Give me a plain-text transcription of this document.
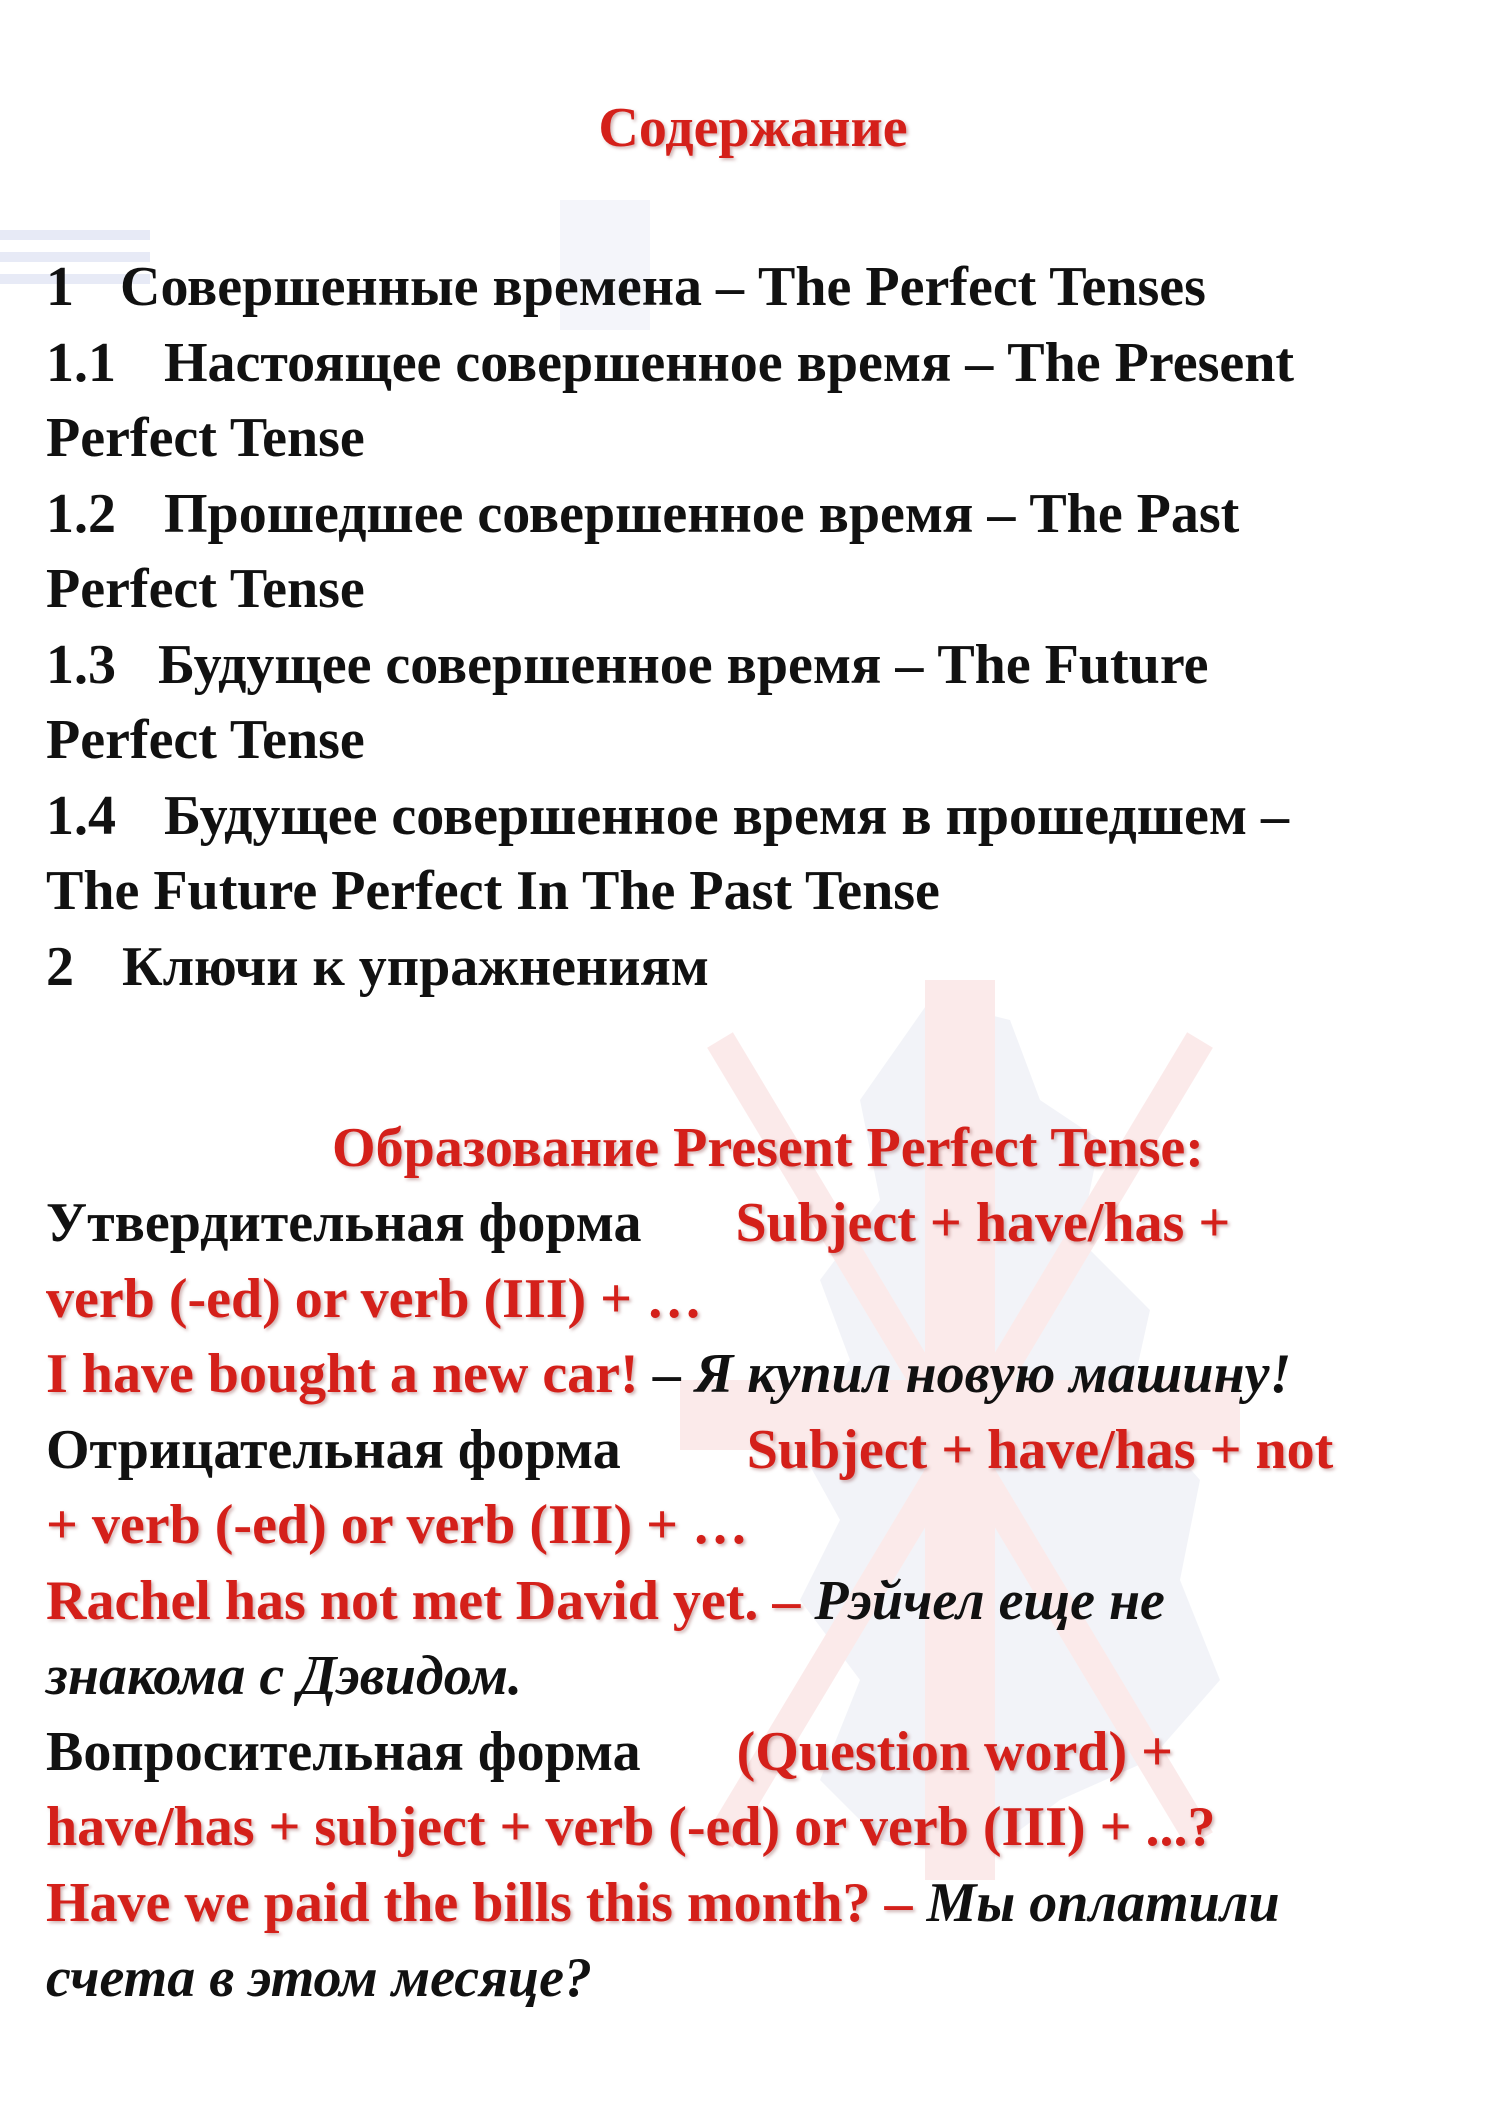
Содержание
1 Совершенные времена – The Perfect Tenses
1.1 Настоящее совершенное время – The Present
Perfect Tense
1.2 Прошедшее совершенное время – The Past
Perfect Tense
1.3 Будущее совершенное время – The Future
Perfect Tense
1.4 Будущее совершенное время в прошедшем –
The Future Perfect In The Past Tense
2 Ключи к упражнениям
Образование Present Perfect Tense:
Утвердительная форма Subject + have/has +
verb (-ed) or verb (III) + …
I have bought a new car! – Я купил новую машину!
Отрицательная форма Subject + have/has + not
+ verb (-ed) or verb (III) + …
Rachel has not met David yet. – Рэйчел еще не
знакома с Дэвидом.
Вопросительная форма (Question word) +
have/has + subject + verb (-ed) or verb (III) + ...?
Have we paid the bills this month? – Мы оплатили
счета в этом месяце?
